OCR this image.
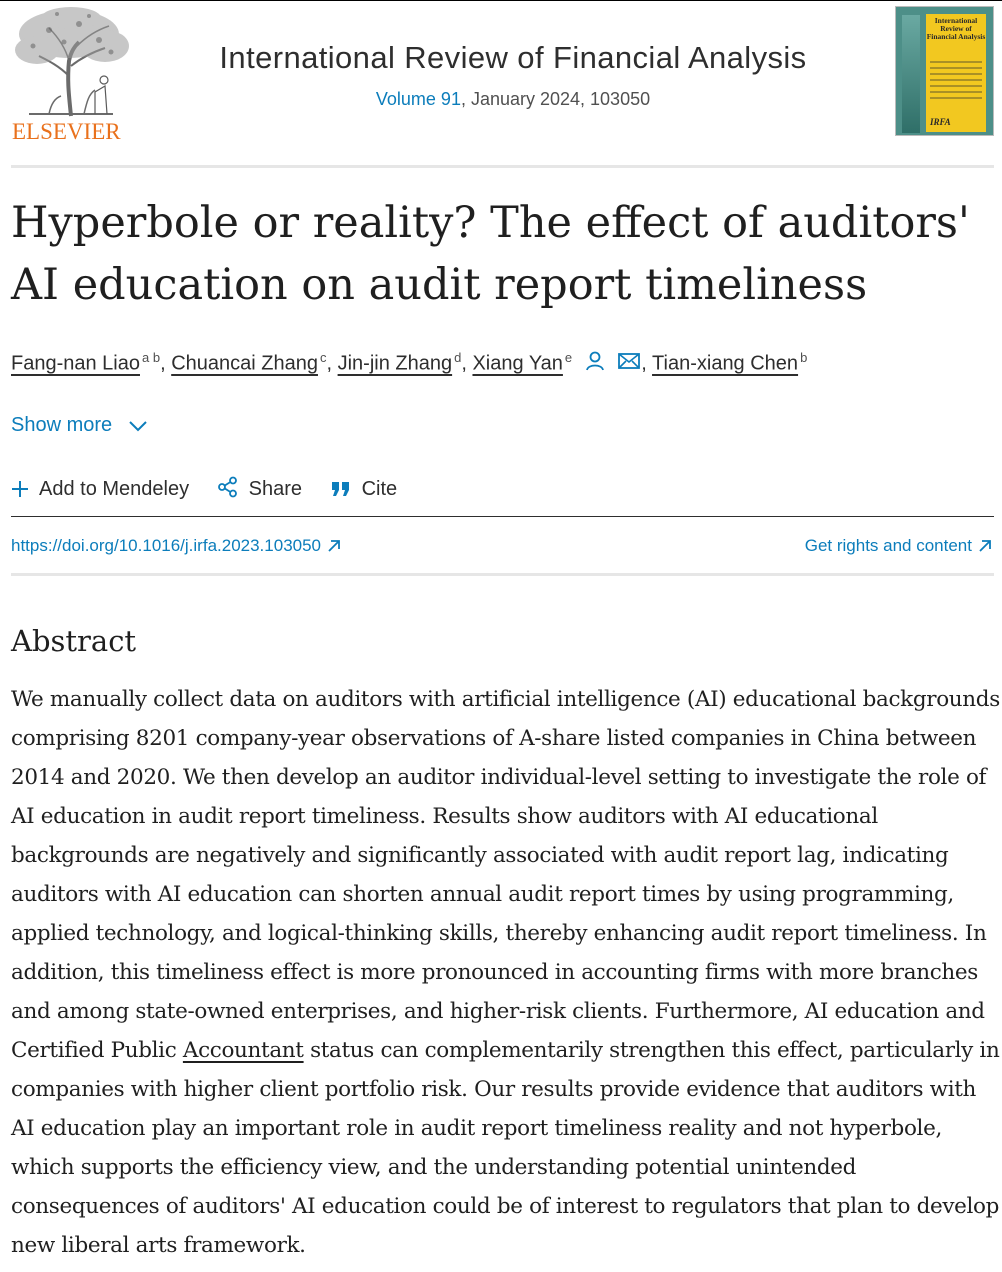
ELSEVIER
International Review of Financial Analysis
Volume 91, January 2024, 103050
International Review of Financial Analysis
IRFA
Hyperbole or reality? The effect of auditors' AI education on audit report timeliness
Fang-nan Liao $^{a b}$, Chuancai Zhang $^c$, Jin-jin Zhang $^d$, Xiang Yan $^e$	, Tian-xiang Chen $^b$
Show more
Add to Mendeley	Share	Cite
https://doi.org/10.1016/j.irfa.2023.103050	Get rights and content
Abstract

We manually collect data on auditors with artificial intelligence (AI) educational backgrounds comprising 8201 company-year observations of A-share listed companies in China between 2014 and 2020. We then develop an auditor individual-level setting to investigate the role of AI education in audit report timeliness. Results show auditors with AI educational backgrounds are negatively and significantly associated with audit report lag, indicating auditors with AI education can shorten annual audit report times by using programming, applied technology, and logical-thinking skills, thereby enhancing audit report timeliness. In addition, this timeliness effect is more pronounced in accounting firms with more branches and among state-owned enterprises, and higher-risk clients. Furthermore, AI education and Certified Public Accountant status can complementarily strengthen this effect, particularly in companies with higher client portfolio risk. Our results provide evidence that auditors with AI education play an important role in audit report timeliness reality and not hyperbole, which supports the efficiency view, and the understanding potential unintended consequences of auditors' AI education could be of interest to regulators that plan to develop new liberal arts framework.
